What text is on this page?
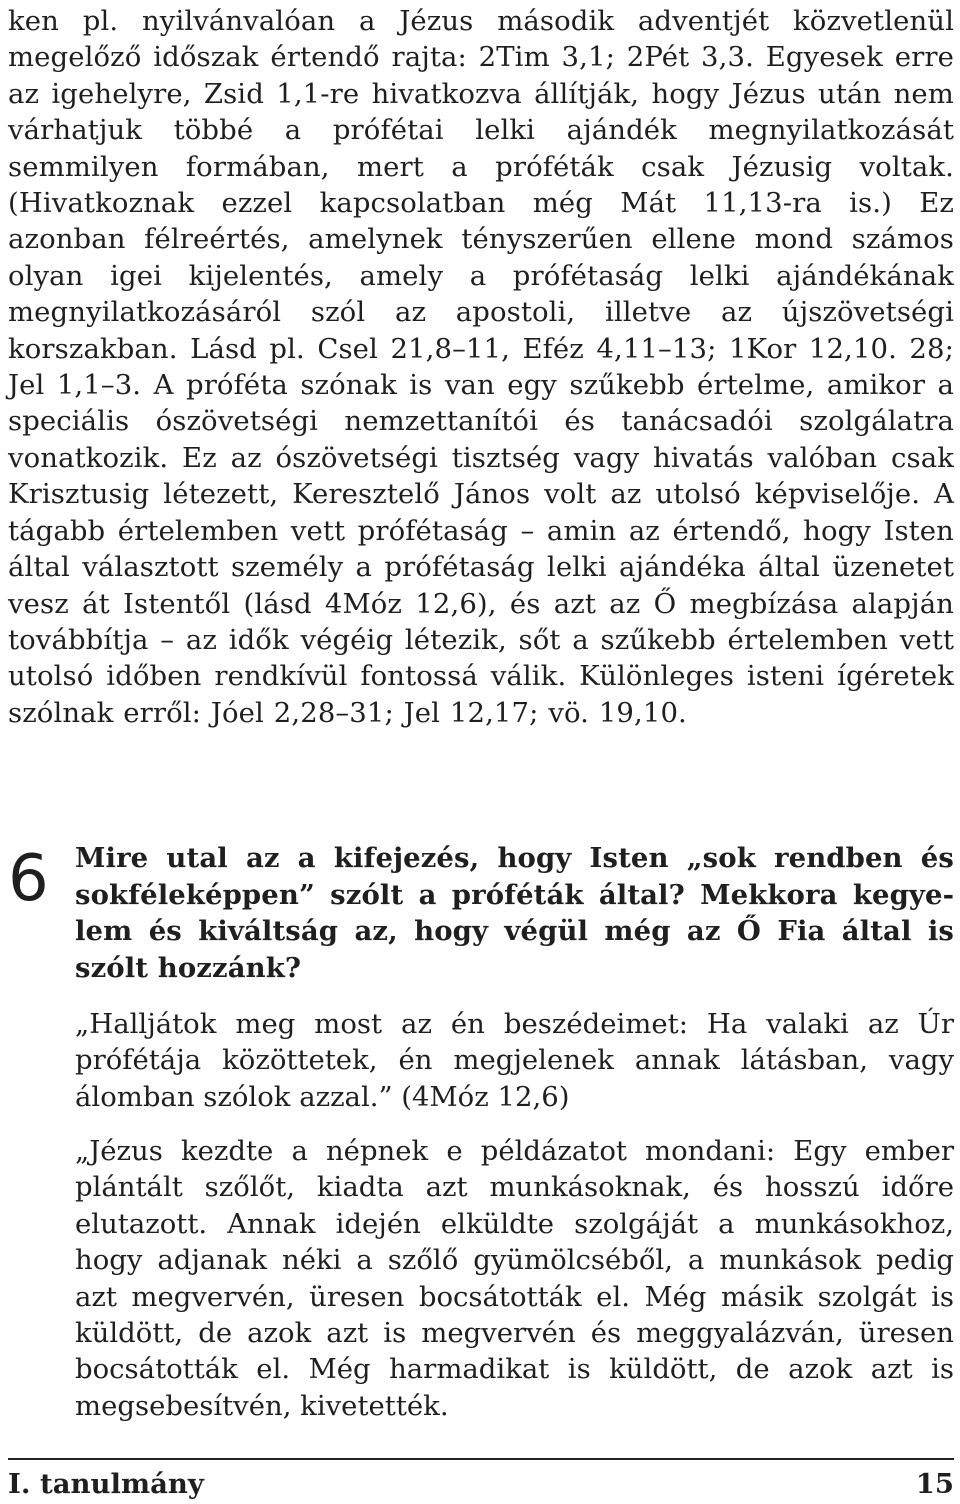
ken pl. nyilvánvalóan a Jézus második adventjét közvetlenül megelőző időszak értendő rajta: 2Tim 3,1; 2Pét 3,3. Egyesek erre az igehelyre, Zsid 1,1-re hivatkozva állítják, hogy Jézus után nem várhatjuk többé a prófétai lelki ajándék megnyilatkozását semmilyen formában, mert a próféták csak Jézusig voltak. (Hivatkoznak ezzel kapcsolatban még Mát 11,13-ra is.) Ez azonban félreértés, amelynek tényszerűen ellene mond számos olyan igei kijelentés, amely a prófétaság lelki ajándékának megnyilatkozásáról szól az apostoli, illetve az újszövetségi korszakban. Lásd pl. Csel 21,8–11, Eféz 4,11–13; 1Kor 12,10. 28; Jel 1,1–3. A próféta szónak is van egy szűkebb értelme, amikor a speciális ószövetségi nemzettanítói és tanácsadói szolgálatra vonatkozik. Ez az ószövetségi tisztség vagy hivatás valóban csak Krisztusig létezett, Keresztelő János volt az utolsó képviselője. A tágabb értelemben vett prófétaság – amin az értendő, hogy Isten által választott személy a prófétaság lelki ajándéka által üzenetet vesz át Istentől (lásd 4Móz 12,6), és azt az Ő megbízása alapján továbbítja – az idők végéig létezik, sőt a szűkebb értelemben vett utolsó időben rendkívül fontossá válik. Különleges isteni ígéretek szólnak erről: Jóel 2,28–31; Jel 12,17; vö. 19,10.

6 Mire utal az a kifejezés, hogy Isten „sok rendben és sokféleképpen” szólt a próféták által? Mekkora kegyelem és kiváltság az, hogy végül még az Ő Fia által is szólt hozzánk?

„Halljátok meg most az én beszédeimet: Ha valaki az Úr prófétája közöttetek, én megjelenek annak látásban, vagy álomban szólok azzal.” (4Móz 12,6)

„Jézus kezdte a népnek e példázatot mondani: Egy ember plántált szőlőt, kiadta azt munkásoknak, és hosszú időre elutazott. Annak idején elküldte szolgáját a munkásokhoz, hogy adjanak néki a szőlő gyümölcséből, a munkások pedig azt megvervén, üresen bocsátották el. Még másik szolgát is küldött, de azok azt is megvervén és meggyalázván, üresen bocsátották el. Még harmadikat is küldött, de azok azt is megsebesítvén, kivetették.

I. tanulmány	15
